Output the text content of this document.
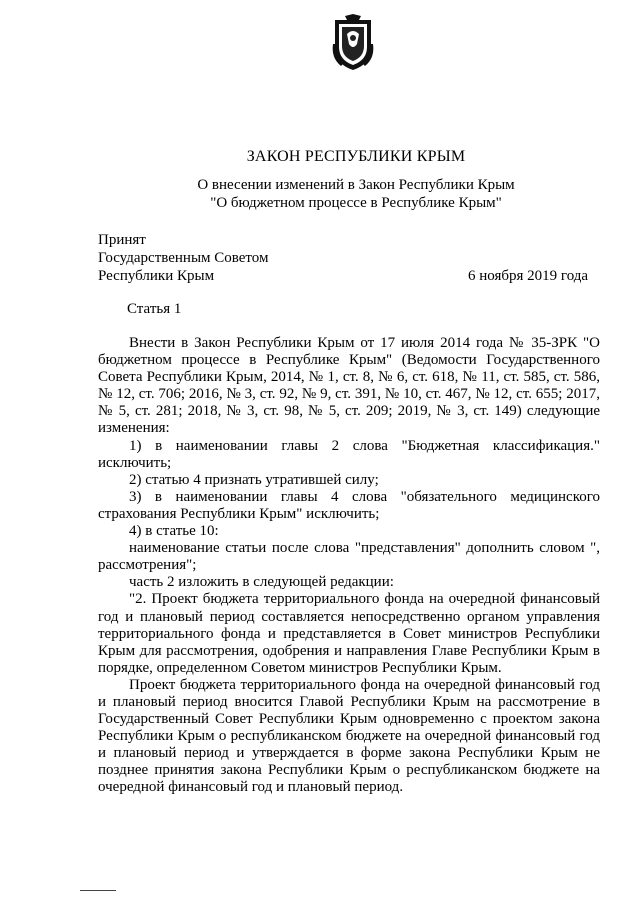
ЗАКОН РЕСПУБЛИКИ КРЫМ
О внесении изменений в Закон Республики Крым
"О бюджетном процессе в Республике Крым"
Принят
Государственным Советом
Республики Крым	6 ноября 2019 года
Статья 1

Внести в Закон Республики Крым от 17 июля 2014 года № 35-ЗРК "О бюджетном процессе в Республике Крым" (Ведомости Государственного Совета Республики Крым, 2014, № 1, ст. 8, № 6, ст. 618, № 11, ст. 585, ст. 586, № 12, ст. 706; 2016, № 3, ст. 92, № 9, ст. 391, № 10, ст. 467, № 12, ст. 655; 2017, № 5, ст. 281; 2018, № 3, ст. 98, № 5, ст. 209; 2019, № 3, ст. 149) следующие изменения:

1) в наименовании главы 2 слова "Бюджетная классификация." исключить;

2) статью 4 признать утратившей силу;

3) в наименовании главы 4 слова "обязательного медицинского страхования Республики Крым" исключить;

4) в статье 10:

наименование статьи после слова "представления" дополнить словом ", рассмотрения";

часть 2 изложить в следующей редакции:

"2. Проект бюджета территориального фонда на очередной финансовый год и плановый период составляется непосредственно органом управления территориального фонда и представляется в Совет министров Республики Крым для рассмотрения, одобрения и направления Главе Республики Крым в порядке, определенном Советом министров Республики Крым.

Проект бюджета территориального фонда на очередной финансовый год и плановый период вносится Главой Республики Крым на рассмотрение в Государственный Совет Республики Крым одновременно с проектом закона Республики Крым о республиканском бюджете на очередной финансовый год и плановый период и утверждается в форме закона Республики Крым не позднее принятия закона Республики Крым о республиканском бюджете на очередной финансовый год и плановый период.
